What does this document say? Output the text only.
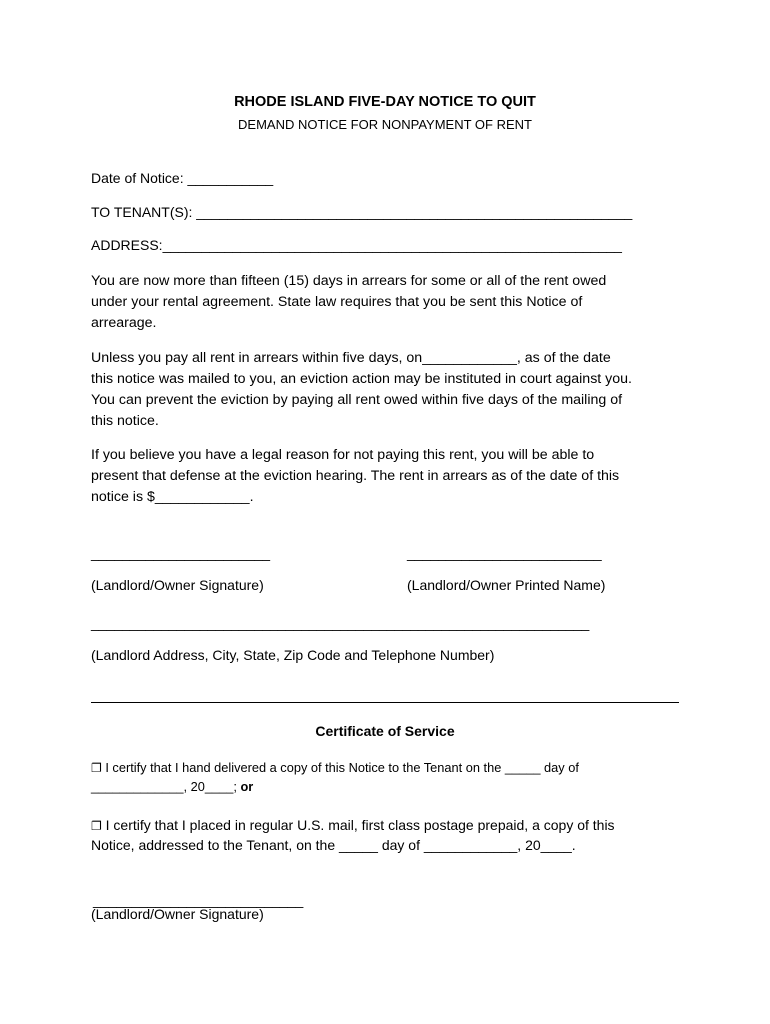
RHODE ISLAND FIVE-DAY NOTICE TO QUIT
DEMAND NOTICE FOR NONPAYMENT OF RENT
Date of Notice: ___________
TO TENANT(S): ________________________________________________________
ADDRESS:___________________________________________________________
You are now more than fifteen (15) days in arrears for some or all of the rent owed
under your rental agreement. State law requires that you be sent this Notice of
arrearage.
Unless you pay all rent in arrears within five days, on____________, as of the date
this notice was mailed to you, an eviction action may be instituted in court against you.
You can prevent the eviction by paying all rent owed within five days of the mailing of
this notice.
If you believe you have a legal reason for not paying this rent, you will be able to
present that defense at the eviction hearing. The rent in arrears as of the date of this
notice is $____________.
_______________________	_________________________
(Landlord/Owner Signature)	(Landlord/Owner Printed Name)
________________________________________________________________
(Landlord Address, City, State, Zip Code and Telephone Number)
Certificate of Service
❐ I certify that I hand delivered a copy of this Notice to the Tenant on the _____ day of
_____________, 20____; or
❐ I certify that I placed in regular U.S. mail, first class postage prepaid, a copy of this
Notice, addressed to the Tenant, on the _____ day of ____________, 20____.
___________________________
(Landlord/Owner Signature)
